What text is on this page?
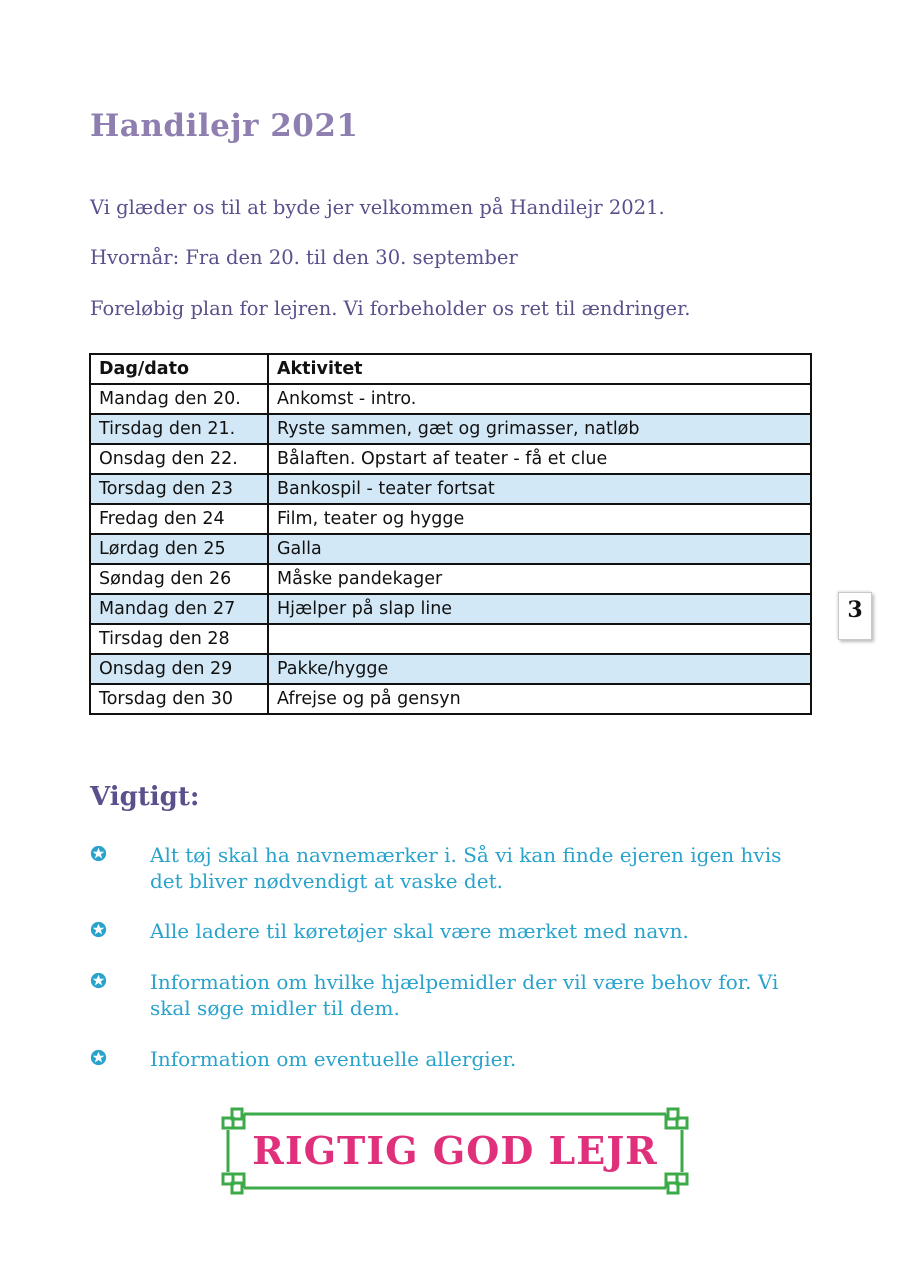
Handilejr 2021
Vi glæder os til at byde jer velkommen på Handilejr 2021.
Hvornår: Fra den 20. til den 30. september
Foreløbig plan for lejren. Vi forbeholder os ret til ændringer.
Dag/dato	Aktivitet
Mandag den 20.	Ankomst - intro.
Tirsdag den 21.	Ryste sammen, gæt og grimasser, natløb
Onsdag den 22.	Bålaften. Opstart af teater - få et clue
Torsdag den 23	Bankospil - teater fortsat
Fredag den 24	Film, teater og hygge
Lørdag den 25	Galla
Søndag den 26	Måske pandekager
Mandag den 27	Hjælper på slap line
Tirsdag den 28	
Onsdag den 29	Pakke/hygge
Torsdag den 30	Afrejse og på gensyn
3
Vigtigt:
Alt tøj skal ha navnemærker i. Så vi kan finde ejeren igen hvis det bliver nødvendigt at vaske det.
Alle ladere til køretøjer skal være mærket med navn.
Information om hvilke hjælpemidler der vil være behov for. Vi skal søge midler til dem.
Information om eventuelle allergier.
RIGTIG GOD LEJR
